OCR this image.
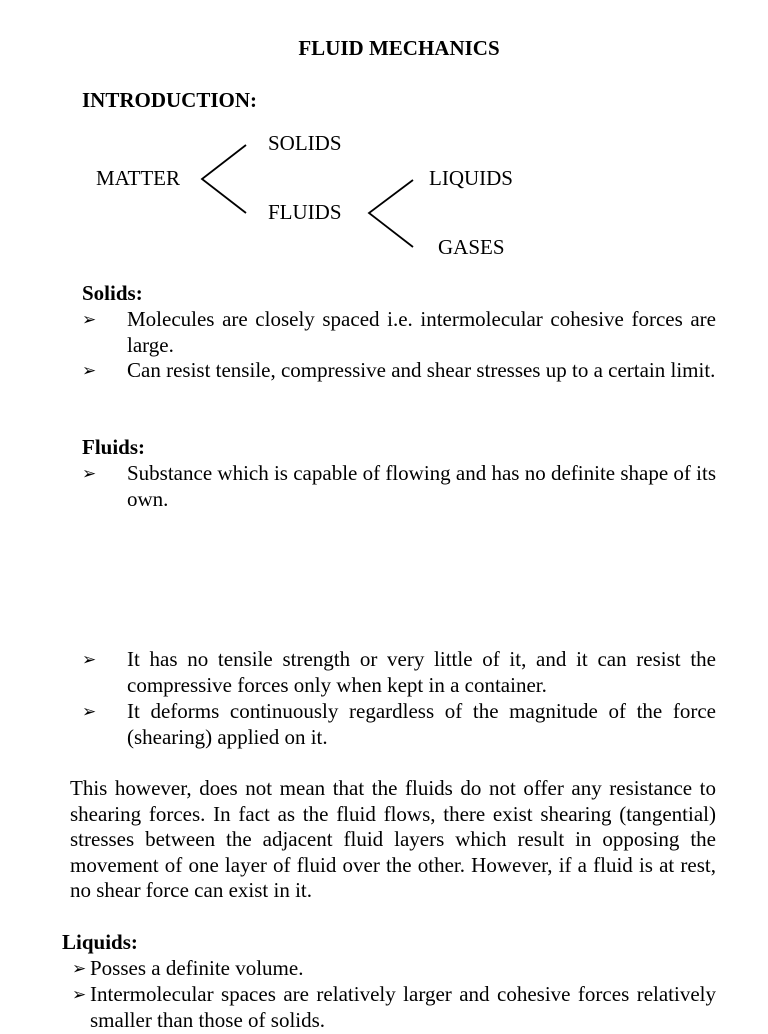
FLUID MECHANICS
INTRODUCTION:
MATTER
SOLIDS
FLUIDS
LIQUIDS
GASES
Solids:
➢ Molecules are closely spaced i.e. intermolecular cohesive forces are large.
➢ Can resist tensile, compressive and shear stresses up to a certain limit.
Fluids:
➢ Substance which is capable of flowing and has no definite shape of its own.
➢ It has no tensile strength or very little of it, and it can resist the compressive forces only when kept in a container.
➢ It deforms continuously regardless of the magnitude of the force (shearing) applied on it.
This however, does not mean that the fluids do not offer any resistance to shearing forces. In fact as the fluid flows, there exist shearing (tangential) stresses between the adjacent fluid layers which result in opposing the movement of one layer of fluid over the other. However, if a fluid is at rest, no shear force can exist in it.
Liquids:
➢ Posses a definite volume.
➢ Intermolecular spaces are relatively larger and cohesive forces relatively smaller than those of solids.
